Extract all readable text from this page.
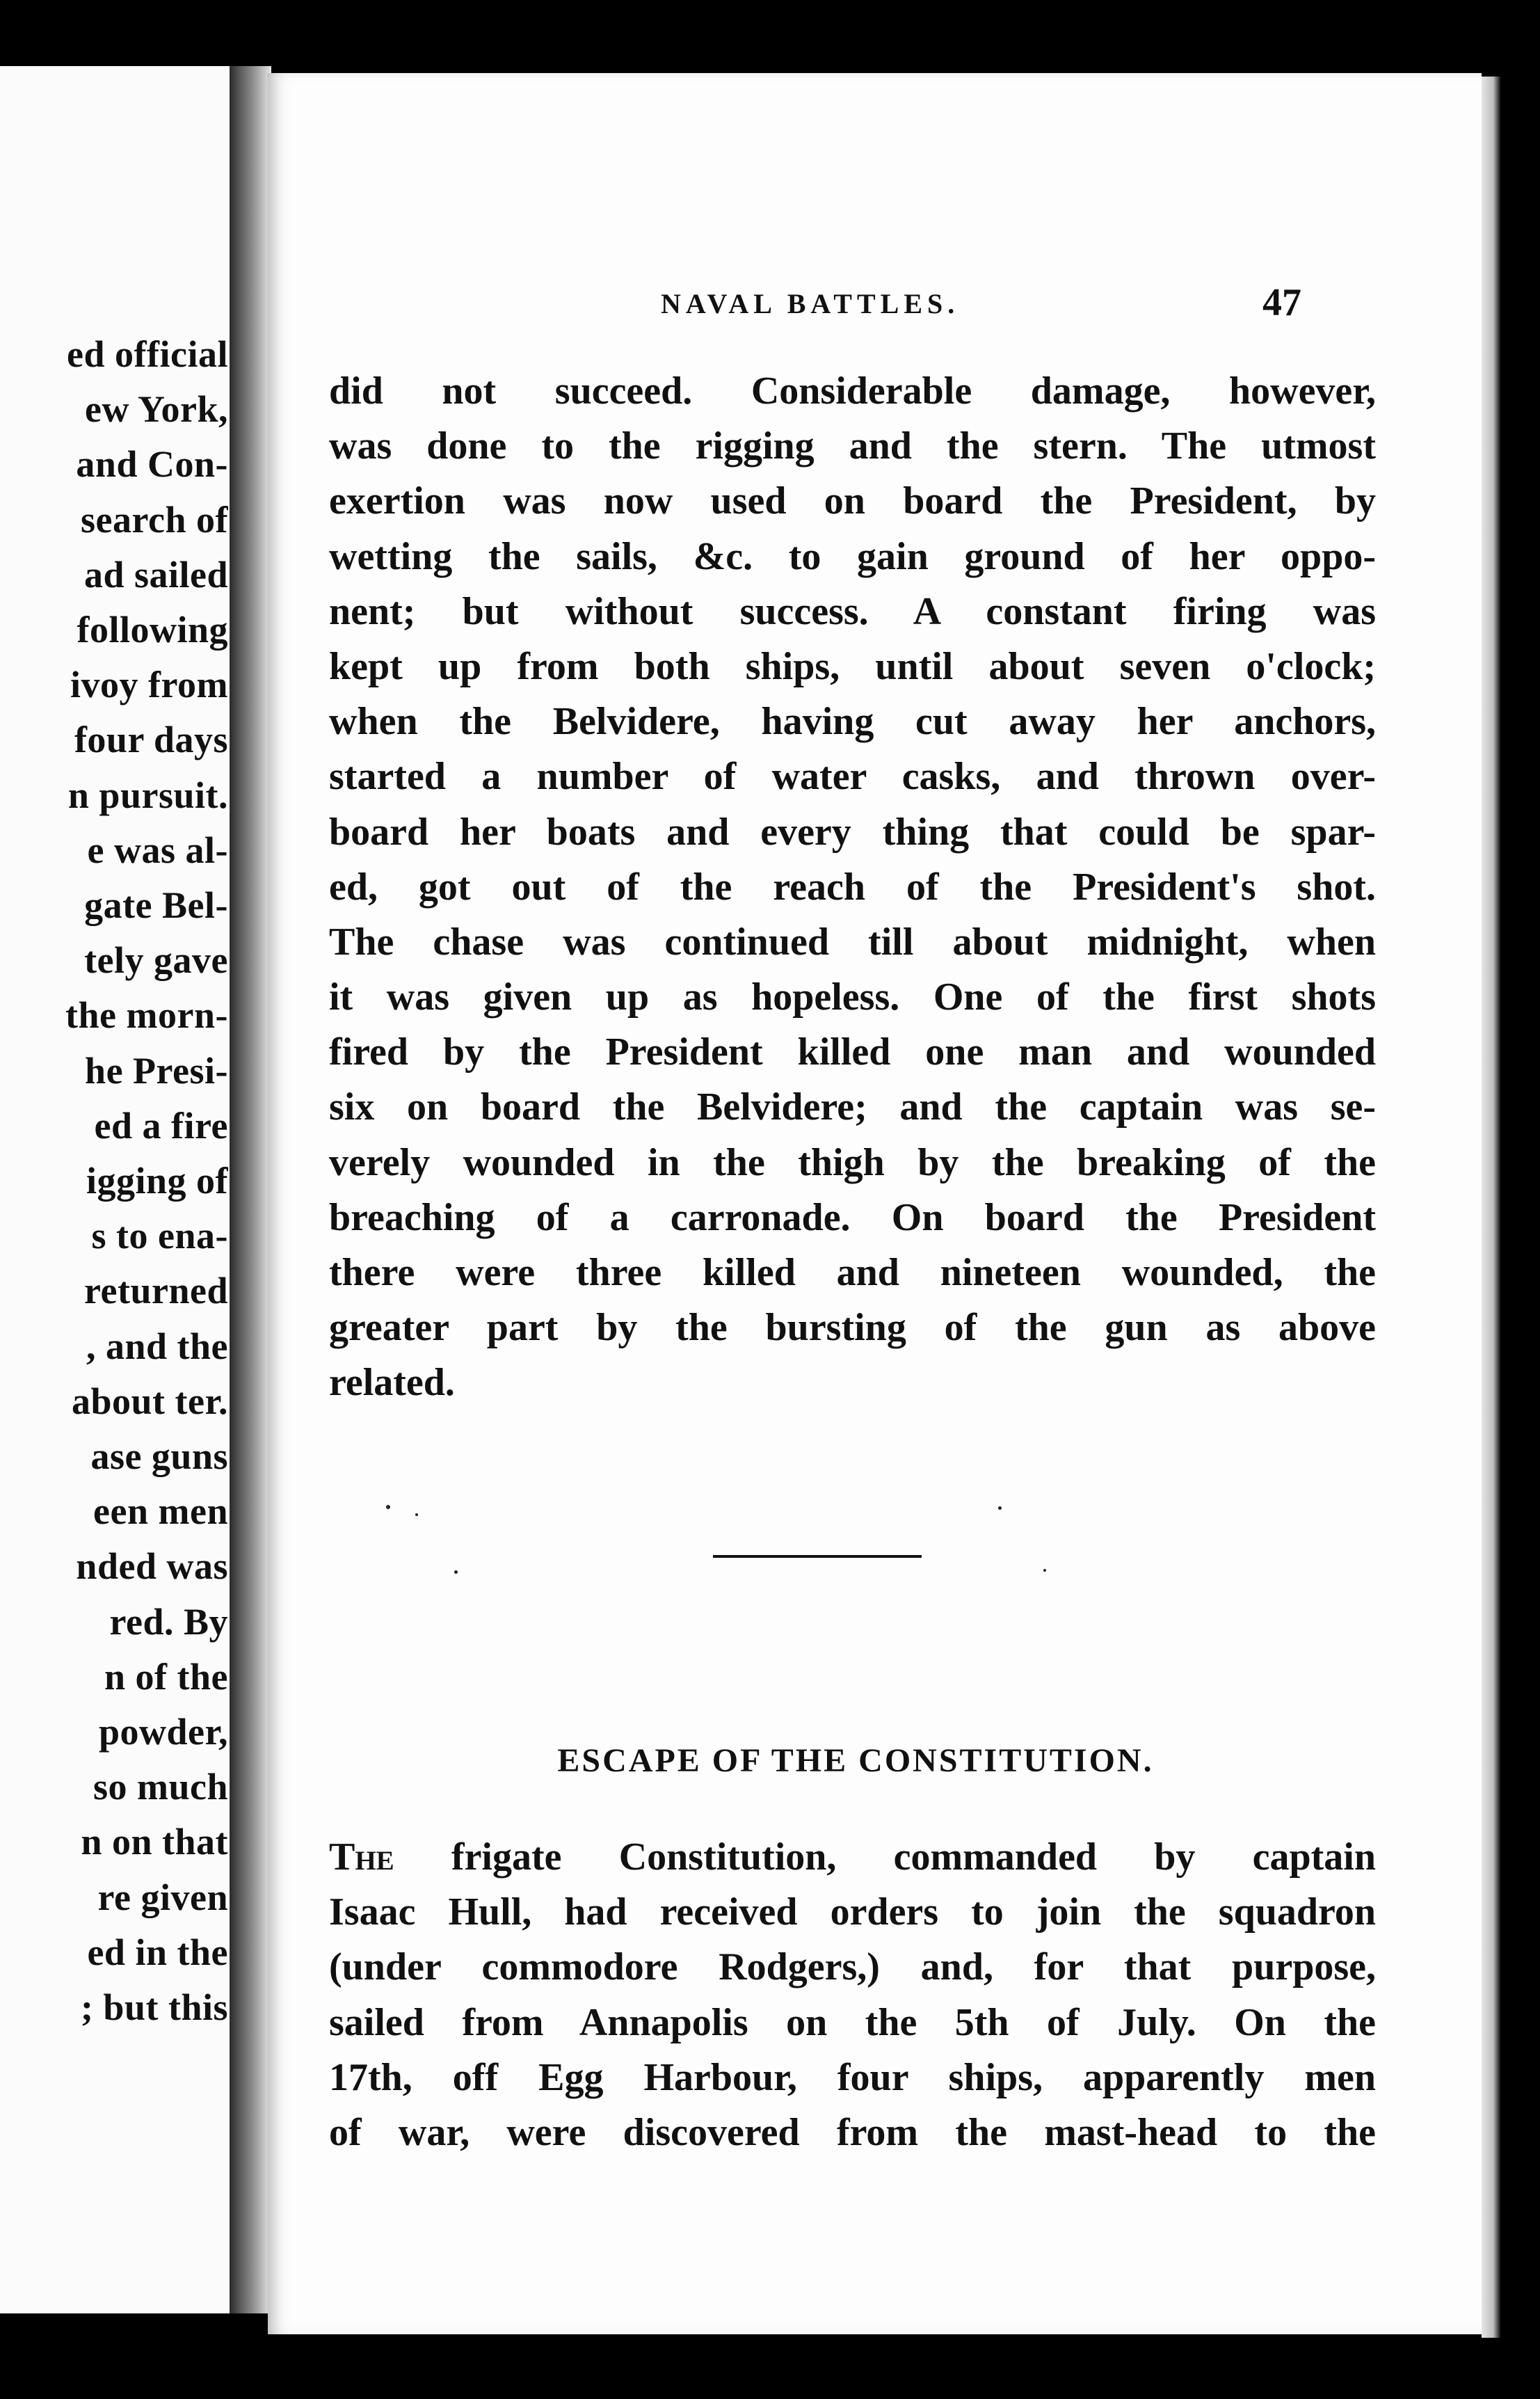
ed official
ew York,
and Con-
search of
ad sailed
following
ivoy from
four days
n pursuit.
e was al-
gate Bel-
tely gave
the morn-
he Presi-
ed a fire
igging of
s to ena-
returned
, and the
about ter.
ase guns
een men
nded was
red. By
n of the
powder,
so much
n on that
re given
ed in the
; but this
NAVAL BATTLES.	47
did not succeed. Considerable damage, however,
was done to the rigging and the stern. The utmost
exertion was now used on board the President, by
wetting the sails, &c. to gain ground of her oppo-
nent; but without success. A constant firing was
kept up from both ships, until about seven o'clock;
when the Belvidere, having cut away her anchors,
started a number of water casks, and thrown over-
board her boats and every thing that could be spar-
ed, got out of the reach of the President's shot.
The chase was continued till about midnight, when
it was given up as hopeless. One of the first shots
fired by the President killed one man and wounded
six on board the Belvidere; and the captain was se-
verely wounded in the thigh by the breaking of the
breaching of a carronade. On board the President
there were three killed and nineteen wounded, the
greater part by the bursting of the gun as above
related.
ESCAPE OF THE CONSTITUTION.
The frigate Constitution, commanded by captain
Isaac Hull, had received orders to join the squadron
(under commodore Rodgers,) and, for that purpose,
sailed from Annapolis on the 5th of July. On the
17th, off Egg Harbour, four ships, apparently men
of war, were discovered from the mast-head to the
